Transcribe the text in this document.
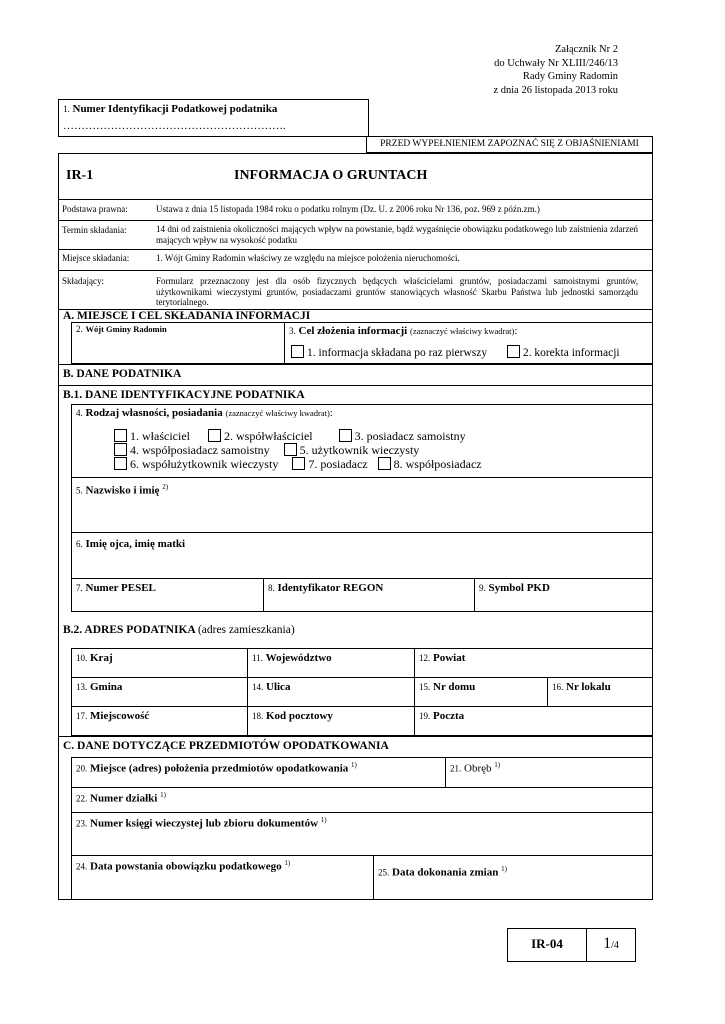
Załącznik Nr 2
do Uchwały Nr XLIII/246/13
Rady Gminy Radomin
z dnia 26 listopada 2013 roku
1. Numer Identyfikacji Podatkowej podatnika
…………………………………………………….
PRZED WYPEŁNIENIEM ZAPOZNAĆ SIĘ Z OBJAŚNIENIAMI
IR-1	INFORMACJA O GRUNTACH
Podstawa prawna:	Ustawa z dnia 15 listopada 1984 roku o podatku rolnym (Dz. U. z 2006 roku Nr 136, poz. 969 z późn.zm.)
Termin składania:	14 dni od zaistnienia okoliczności mających wpływ na powstanie, bądź wygaśnięcie obowiązku podatkowego lub zaistnienia zdarzeń mających wpływ na wysokość podatku
Miejsce składania:	1. Wójt Gminy Radomin właściwy ze względu na miejsce położenia nieruchomości.
Składający:	Formularz przeznaczony jest dla osób fizycznych będących właścicielami gruntów, posiadaczami samoistnymi gruntów, użytkownikami wieczystymi gruntów, posiadaczami gruntów stanowiących własność Skarbu Państwa lub jednostki samorządu terytorialnego.
A. MIEJSCE I CEL SKŁADANIA INFORMACJI
2. Wójt Gminy Radomin	3. Cel złożenia informacji (zaznaczyć właściwy kwadrat):
1. informacja składana po raz pierwszy	2. korekta informacji
B. DANE PODATNIKA
B.1. DANE IDENTYFIKACYJNE PODATNIKA
4. Rodzaj własności, posiadania (zaznaczyć właściwy kwadrat):
1. właściciel	2. współwłaściciel	3. posiadacz samoistny
4. współposiadacz samoistny	5. użytkownik wieczysty
6. współużytkownik wieczysty	7. posiadacz 8. współposiadacz
5. Nazwisko i imię $^{2)}$
6. Imię ojca, imię matki
7. Numer PESEL	8. Identyfikator REGON	9. Symbol PKD
B.2. ADRES PODATNIKA (adres zamieszkania)
10. Kraj	11. Województwo	12. Powiat
13. Gmina	14. Ulica	15. Nr domu	16. Nr lokalu
17. Miejscowość	18. Kod pocztowy	19. Poczta
C. DANE DOTYCZĄCE PRZEDMIOTÓW OPODATKOWANIA
20. Miejsce (adres) położenia przedmiotów opodatkowania $^{1)}$	21. Obręb $^{1)}$
22. Numer działki $^{1)}$
23. Numer księgi wieczystej lub zbioru dokumentów $^{1)}$
24. Data powstania obowiązku podatkowego $^{1)}$
25. Data dokonania zmian $^{1)}$
IR-04	1/4
